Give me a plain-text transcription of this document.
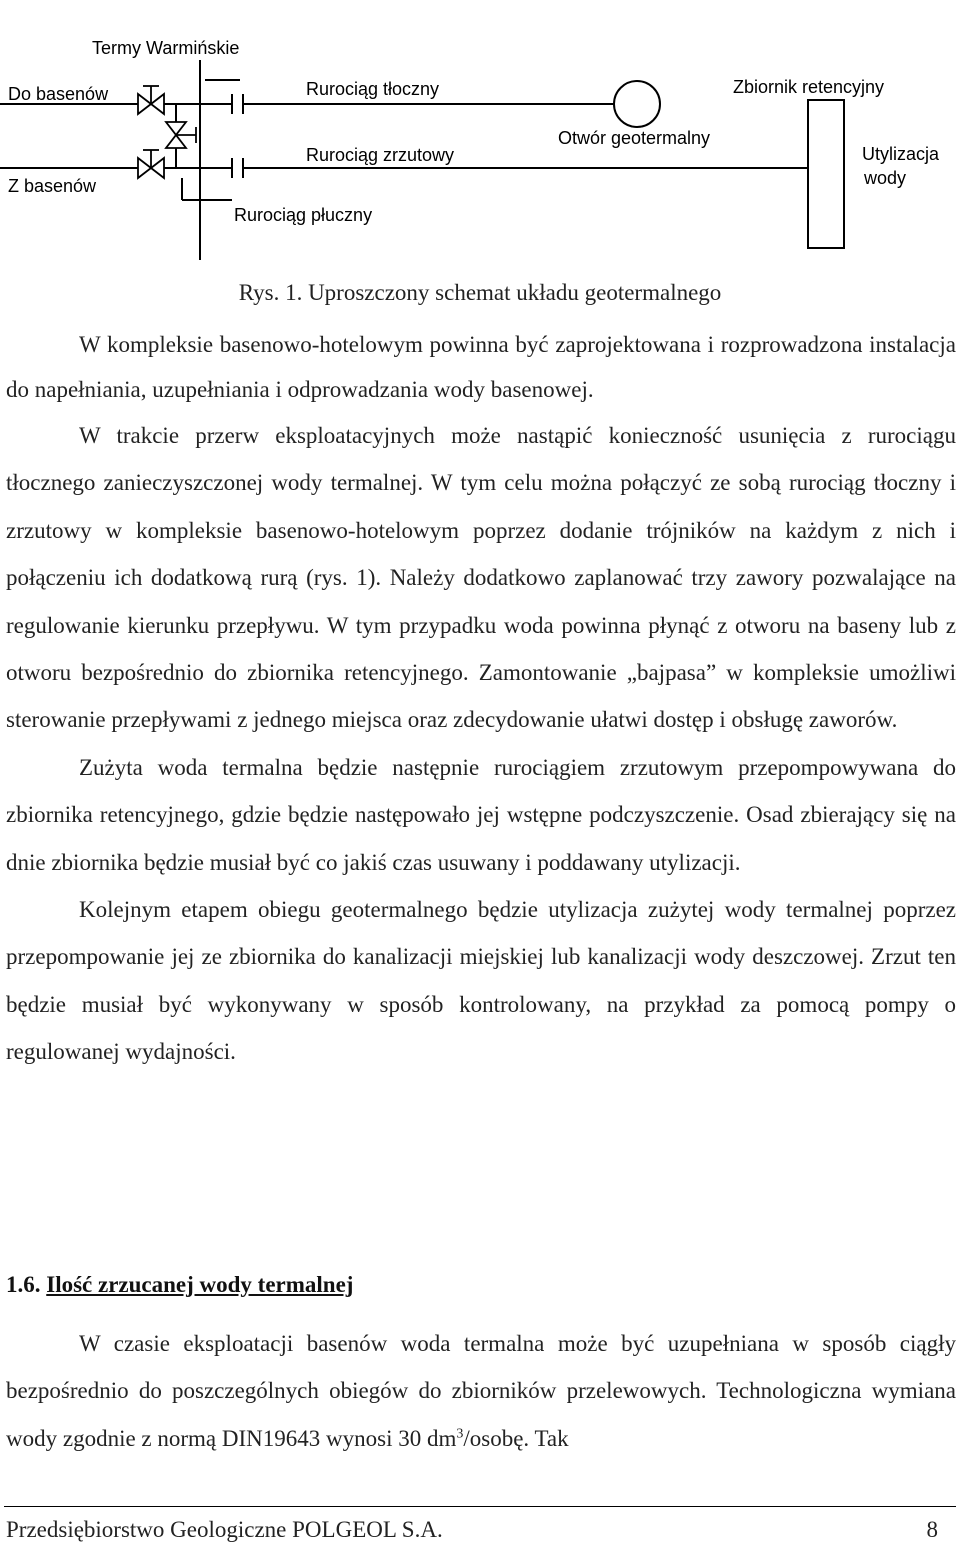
Termy Warmińskie
Do basenów
Z basenów
Rurociąg tłoczny
Rurociąg zrzutowy
Rurociąg płuczny
Otwór geotermalny
Zbiornik retencyjny
Utylizacja
wody
Rys. 1. Uproszczony schemat układu geotermalnego

W kompleksie basenowo-hotelowym powinna być zaprojektowana i rozprowadzona instalacja do napełniania, uzupełniania i odprowadzania wody basenowej.

W trakcie przerw eksploatacyjnych może nastąpić konieczność usunięcia z rurociągu tłocznego zanieczyszczonej wody termalnej. W tym celu można połączyć ze sobą rurociąg tłoczny i zrzutowy w kompleksie basenowo-hotelowym poprzez dodanie trójników na każdym z nich i połączeniu ich dodatkową rurą (rys. 1). Należy dodatkowo zaplanować trzy zawory pozwalające na regulowanie kierunku przepływu. W tym przypadku woda powinna płynąć z otworu na baseny lub z otworu bezpośrednio do zbiornika retencyjnego. Zamontowanie „bajpasa” w kompleksie umożliwi sterowanie przepływami z jednego miejsca oraz zdecydowanie ułatwi dostęp i obsługę zaworów.

Zużyta woda termalna będzie następnie rurociągiem zrzutowym przepompowywana do zbiornika retencyjnego, gdzie będzie następowało jej wstępne podczyszczenie. Osad zbierający się na dnie zbiornika będzie musiał być co jakiś czas usuwany i poddawany utylizacji.

Kolejnym etapem obiegu geotermalnego będzie utylizacja zużytej wody termalnej poprzez przepompowanie jej ze zbiornika do kanalizacji miejskiej lub kanalizacji wody deszczowej. Zrzut ten będzie musiał być wykonywany w sposób kontrolowany, na przykład za pomocą pompy o regulowanej wydajności.

1.6. Ilość zrzucanej wody termalnej

W czasie eksploatacji basenów woda termalna może być uzupełniana w sposób ciągły bezpośrednio do poszczególnych obiegów do zbiorników przelewowych. Technologiczna wymiana wody zgodnie z normą DIN19643 wynosi 30 $dm^3$/osobę. Tak

Przedsiębiorstwo Geologiczne POLGEOL S.A.	8
